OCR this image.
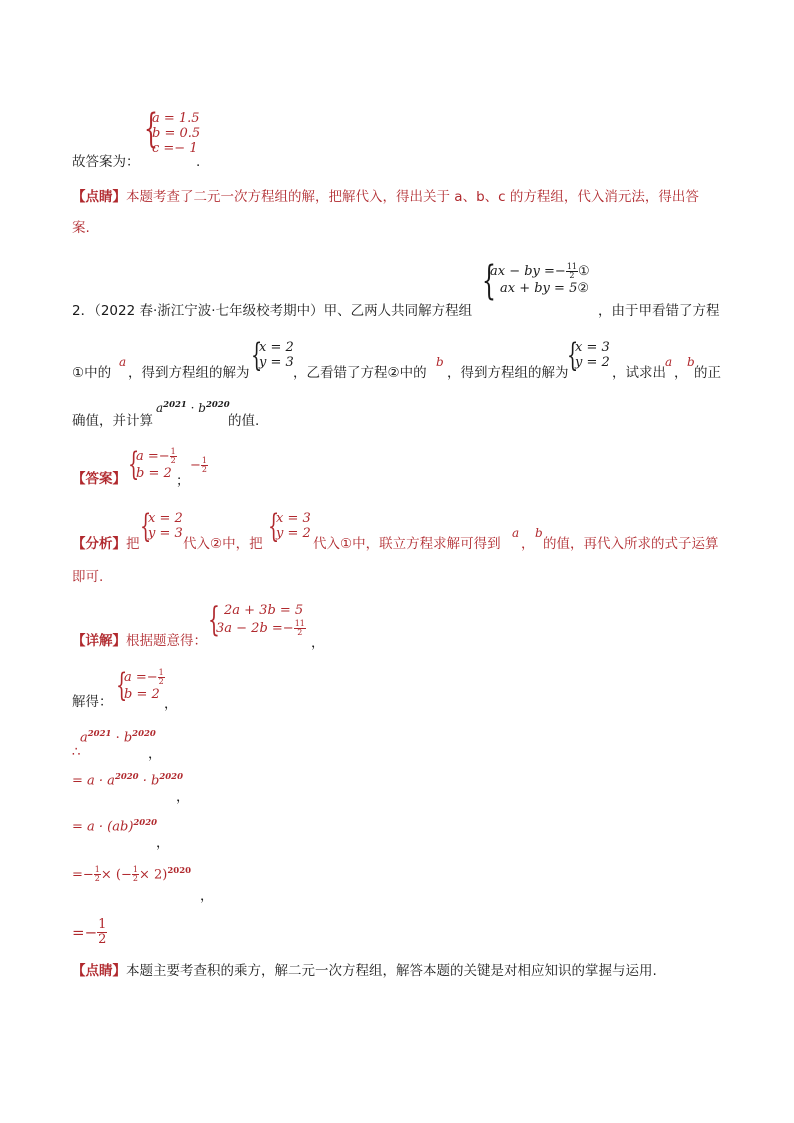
{
a = 1.5
b = 0.5
c =− 1
故答案为：	.
【点睛】本题考查了二元一次方程组的解，把解代入，得出关于 a、b、c 的方程组，代入消元法，得出答
案.
{
ax − by =− $\frac{11}{2}$ ①
ax + by = 5②
2．（2022 春·浙江宁波·七年级校考期中）甲、乙两人共同解方程组	，由于甲看错了方程
①中的
a
，得到方程组的解为 {
x = 2
y = 3
，乙看错了方程②中的
b
，得到方程组的解为
{
x = 3
y = 2
，试求出
a
，
b
的正
确值，并计算
$a^{2021} \cdot b^{2020}$
的值.
【答案】 {
$a =- \frac{1}{2}$
b = 2 ；
− $\frac{1}{2}$
【分析】把 {
x = 2
y = 3
代入②中，把 {
x = 3
y = 2
代入①中，联立方程求解可得到
a
，
b
的值，再代入所求的式子运算
即可.
【详解】根据题意得：
{ 2a + 3b = 5
$3a - 2b =- \frac{11}{2}$
，
解得： {
$a =- \frac{1}{2}$
b = 2
，
∴
$a^{2021} \cdot b^{2020}$
，
= $a \cdot a^{2020} \cdot b^{2020}$
，
= a · (ab)$^{2020}$
，
=− $\frac{1}{2}$ × (− $\frac{1}{2} \times 2)^{2020}$
，
=− $\frac{1}{2}$
【点睛】本题主要考查积的乘方，解二元一次方程组，解答本题的关键是对相应知识的掌握与运用.
